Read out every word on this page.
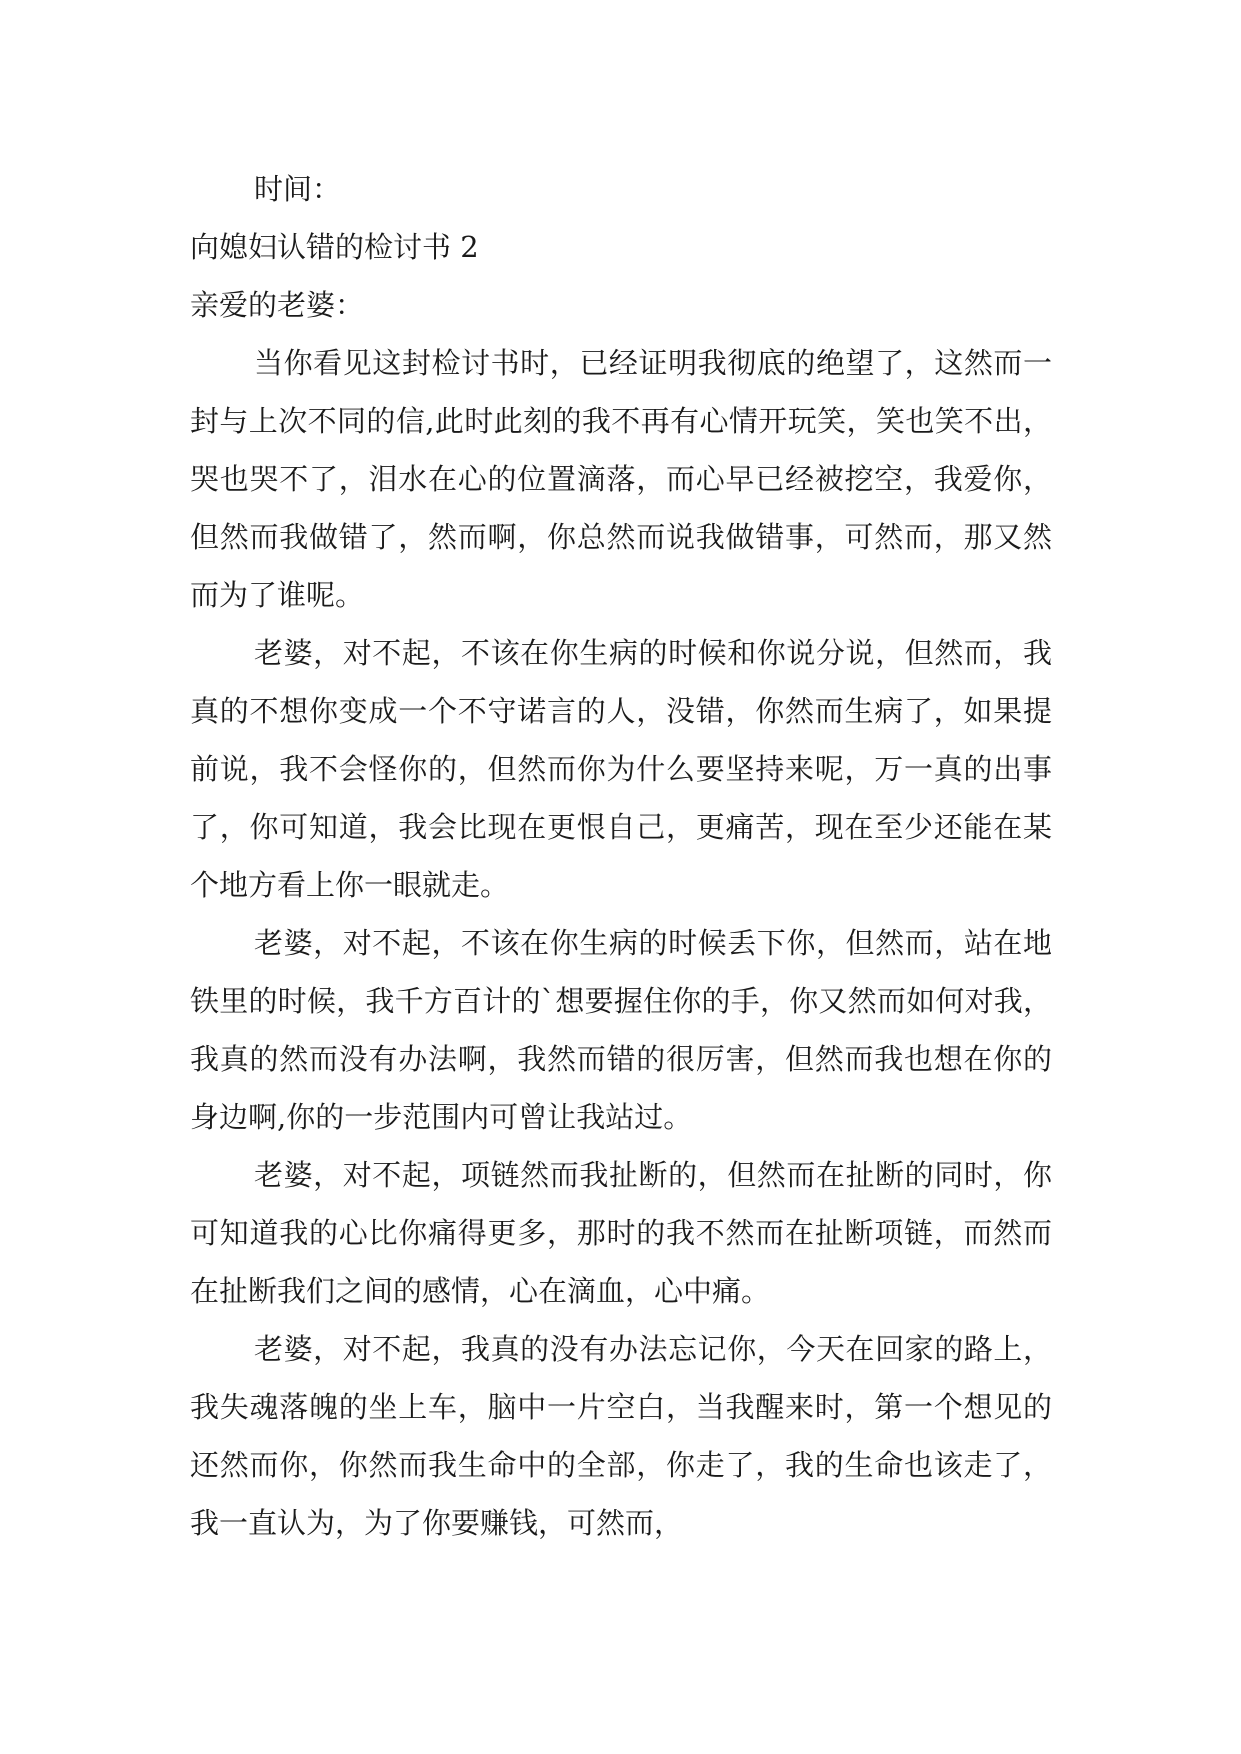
时间：

向媳妇认错的检讨书 2

亲爱的老婆：

当你看见这封检讨书时，已经证明我彻底的绝望了，这然而一封与上次不同的信,此时此刻的我不再有心情开玩笑，笑也笑不出，哭也哭不了，泪水在心的位置滴落，而心早已经被挖空，我爱你，但然而我做错了，然而啊，你总然而说我做错事，可然而，那又然而为了谁呢。

老婆，对不起，不该在你生病的时候和你说分说，但然而，我真的不想你变成一个不守诺言的人，没错，你然而生病了，如果提前说，我不会怪你的，但然而你为什么要坚持来呢，万一真的出事了，你可知道，我会比现在更恨自己，更痛苦，现在至少还能在某个地方看上你一眼就走。

老婆，对不起，不该在你生病的时候丢下你，但然而，站在地铁里的时候，我千方百计的`想要握住你的手，你又然而如何对我，我真的然而没有办法啊，我然而错的很厉害，但然而我也想在你的身边啊,你的一步范围内可曾让我站过。

老婆，对不起，项链然而我扯断的，但然而在扯断的同时，你可知道我的心比你痛得更多，那时的我不然而在扯断项链，而然而在扯断我们之间的感情，心在滴血，心中痛。

老婆，对不起，我真的没有办法忘记你，今天在回家的路上，我失魂落魄的坐上车，脑中一片空白，当我醒来时，第一个想见的还然而你，你然而我生命中的全部，你走了，我的生命也该走了，我一直认为，为了你要赚钱，可然而，
